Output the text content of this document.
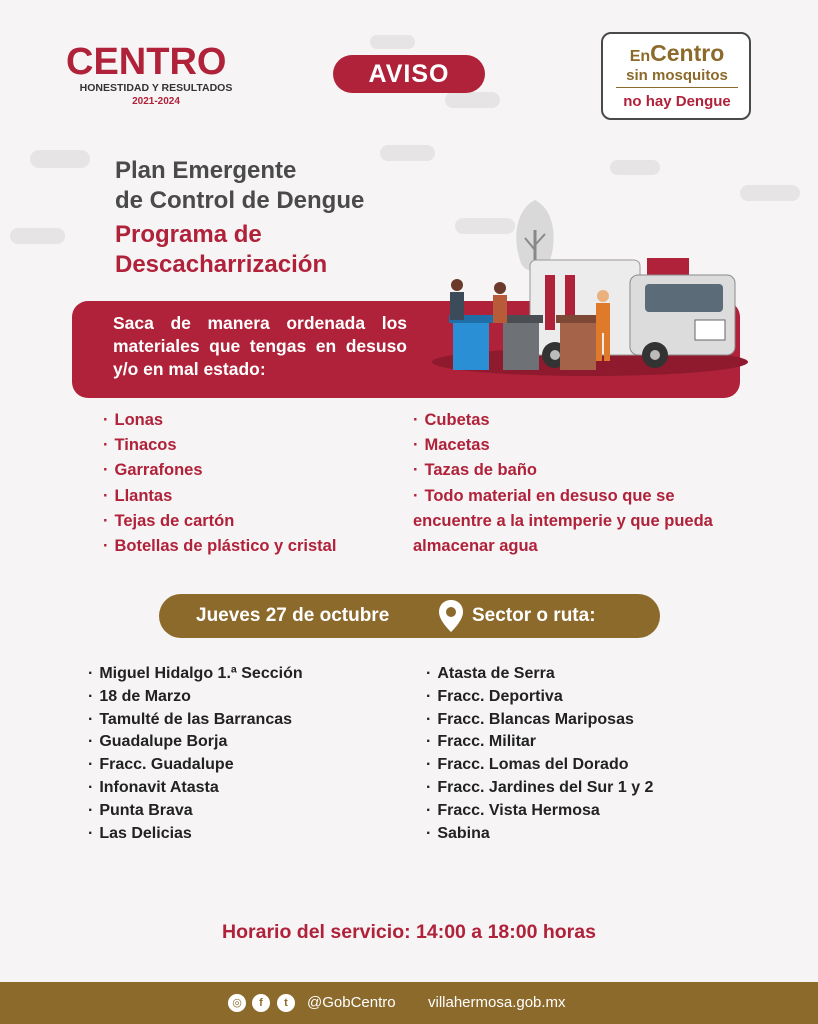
CENTRO
HONESTIDAD Y RESULTADOS
2021-2024
AVISO
EnCentro
sin mosquitos
no hay Dengue
Plan Emergente
de Control de Dengue
Programa de
Descacharrización
Saca de manera ordenada los materiales que tengas en desuso y/o en mal estado:
· Lonas
· Tinacos
· Garrafones
· Llantas
· Tejas de cartón
· Botellas de plástico y cristal
· Cubetas
· Macetas
· Tazas de baño
· Todo material en desuso que se encuentre a la intemperie y que pueda almacenar agua
Jueves 27 de octubre	Sector o ruta:
· Miguel Hidalgo 1.ª Sección
· 18 de Marzo
· Tamulté de las Barrancas
· Guadalupe Borja
· Fracc. Guadalupe
· Infonavit Atasta
· Punta Brava
· Las Delicias
· Atasta de Serra
· Fracc. Deportiva
· Fracc. Blancas Mariposas
· Fracc. Militar
· Fracc. Lomas del Dorado
· Fracc. Jardines del Sur 1 y 2
· Fracc. Vista Hermosa
· Sabina
Horario del servicio: 14:00 a 18:00 horas
◎	f	t	@GobCentro villahermosa.gob.mx
